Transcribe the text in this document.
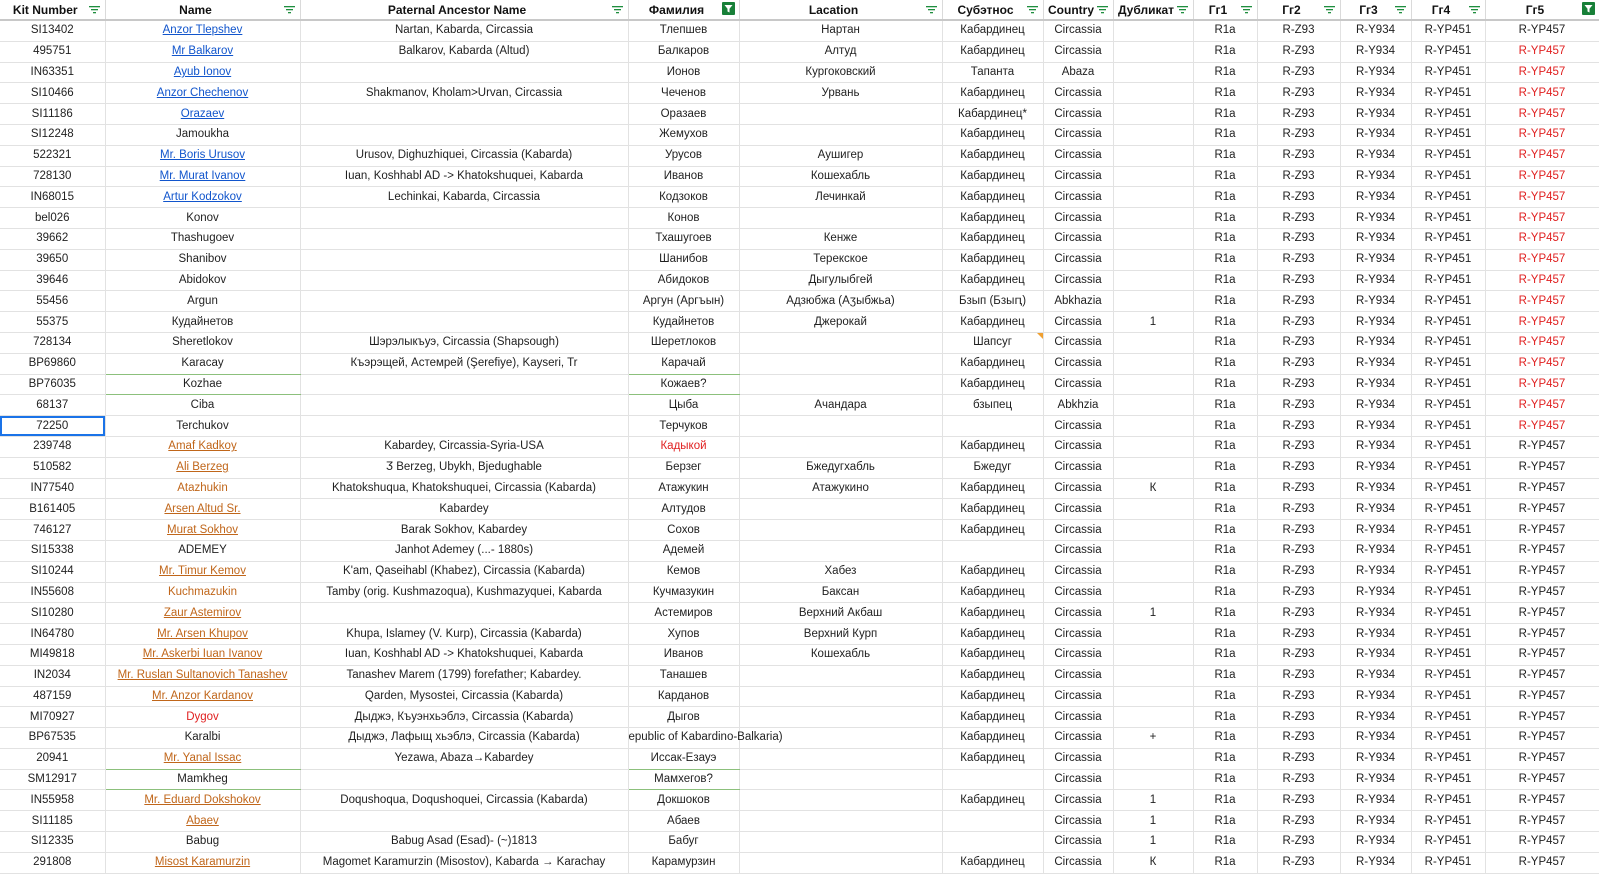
Kit Number	Name	Paternal Ancestor Name	Фамилия	Lacation	Субэтнос	Country	Дубликат	Гг1	Гг2	Гг3	Гг4	Гг5

SI13402	Anzor Tlepshev	Nartan, Kabarda, Circassia	Тлепшев	Нартан	Кабардинец	Circassia		R1a	R-Z93	R-Y934	R-YP451	R-YP457
495751	Mr Balkarov	Balkarov, Kabarda (Altud)	Балкаров	Алтуд	Кабардинец	Circassia		R1a	R-Z93	R-Y934	R-YP451	R-YP457
IN63351	Ayub Ionov		Ионов	Кургоковский	Тапанта	Abaza		R1a	R-Z93	R-Y934	R-YP451	R-YP457
SI10466	Anzor Chechenov	Shakmanov, Kholam>Urvan, Circassia	Чеченов	Урвань	Кабардинец	Circassia		R1a	R-Z93	R-Y934	R-YP451	R-YP457
SI11186	Orazaev		Оразаев		Кабардинец*	Circassia		R1a	R-Z93	R-Y934	R-YP451	R-YP457
SI12248	Jamoukha		Жемухов		Кабардинец	Circassia		R1a	R-Z93	R-Y934	R-YP451	R-YP457
522321	Mr. Boris Urusov	Urusov, Dighuzhiquei, Circassia (Kabarda)	Урусов	Аушигер	Кабардинец	Circassia		R1a	R-Z93	R-Y934	R-YP451	R-YP457
728130	Mr. Murat Ivanov	Iuan, Koshhabl AD -> Khatokshuquei, Kabarda	Иванов	Кошехабль	Кабардинец	Circassia		R1a	R-Z93	R-Y934	R-YP451	R-YP457
IN68015	Artur Kodzokov	Lechinkai, Kabarda, Circassia	Кодзоков	Лечинкай	Кабардинец	Circassia		R1a	R-Z93	R-Y934	R-YP451	R-YP457
bel026	Konov		Конов		Кабардинец	Circassia		R1a	R-Z93	R-Y934	R-YP451	R-YP457
39662	Thashugoev		Тхашугоев	Кенже	Кабардинец	Circassia		R1a	R-Z93	R-Y934	R-YP451	R-YP457
39650	Shanibov		Шанибов	Терекское	Кабардинец	Circassia		R1a	R-Z93	R-Y934	R-YP451	R-YP457
39646	Abidokov		Абидоков	Дыгулыбгей	Кабардинец	Circassia		R1a	R-Z93	R-Y934	R-YP451	R-YP457
55456	Argun		Аргун (Аргъын)	Адзюбжа (Аӡыбжьа)	Бзып (Бзыԥ)	Abkhazia		R1a	R-Z93	R-Y934	R-YP451	R-YP457
55375	Кудайнетов		Кудайнетов	Джерокай	Кабардинец	Circassia	1	R1a	R-Z93	R-Y934	R-YP451	R-YP457
728134	Sheretlokov	Шэрэлыкъуэ, Circassia (Shapsough)	Шеретлоков		Шапсуг	Circassia		R1a	R-Z93	R-Y934	R-YP451	R-YP457
BP69860	Karacay	Къэрэщей, Астемрей (Şerefiye), Kayseri, Tr	Карачай		Кабардинец	Circassia		R1a	R-Z93	R-Y934	R-YP451	R-YP457
BP76035	Kozhae		Кожаев?		Кабардинец	Circassia		R1a	R-Z93	R-Y934	R-YP451	R-YP457
68137	Ciba		Цыба	Ачандара	бзыпец	Abkhzia		R1a	R-Z93	R-Y934	R-YP451	R-YP457
72250	Terchukov		Терчуков			Circassia		R1a	R-Z93	R-Y934	R-YP451	R-YP457
239748	Amaf Kadkoy	Kabardey, Circassia-Syria-USA	Кадыкой		Кабардинец	Circassia		R1a	R-Z93	R-Y934	R-YP451	R-YP457
510582	Ali Berzeg	Ӡ Berzeg, Ubykh, Bjedughable	Берзег	Бжедугхабль	Бжедуг	Circassia		R1a	R-Z93	R-Y934	R-YP451	R-YP457
IN77540	Atazhukin	Khatokshuqua, Khatokshuquei, Circassia (Kabarda)	Атажукин	Атажукино	Кабардинец	Circassia	К	R1a	R-Z93	R-Y934	R-YP451	R-YP457
B161405	Arsen Altud Sr.	Kabardey	Алтудов		Кабардинец	Circassia		R1a	R-Z93	R-Y934	R-YP451	R-YP457
746127	Murat Sokhov	Barak Sokhov, Kabardey	Сохов		Кабардинец	Circassia		R1a	R-Z93	R-Y934	R-YP451	R-YP457
SI15338	ADEMEY	Janhot Ademey (...- 1880s)	Адемей			Circassia		R1a	R-Z93	R-Y934	R-YP451	R-YP457
SI10244	Mr. Timur Kemov	K'am, Qaseihabl (Khabez), Circassia (Kabarda)	Кемов	Хабез	Кабардинец	Circassia		R1a	R-Z93	R-Y934	R-YP451	R-YP457
IN55608	Kuchmazukin	Tamby (orig. Kushmazoqua), Kushmazyquei, Kabarda	Кучмазукин	Баксан	Кабардинец	Circassia		R1a	R-Z93	R-Y934	R-YP451	R-YP457
SI10280	Zaur Astemirov		Астемиров	Верхний Акбаш	Кабардинец	Circassia	1	R1a	R-Z93	R-Y934	R-YP451	R-YP457
IN64780	Mr. Arsen Khupov	Khupa, Islamey (V. Kurp), Circassia (Kabarda)	Хупов	Верхний Курп	Кабардинец	Circassia		R1a	R-Z93	R-Y934	R-YP451	R-YP457
MI49818	Mr. Askerbi Iuan Ivanov	Iuan, Koshhabl AD -> Khatokshuquei, Kabarda	Иванов	Кошехабль	Кабардинец	Circassia		R1a	R-Z93	R-Y934	R-YP451	R-YP457
IN2034	Mr. Ruslan Sultanovich Tanashev	Tanashev Marem (1799) forefather; Kabardey.	Танашев		Кабардинец	Circassia		R1a	R-Z93	R-Y934	R-YP451	R-YP457
487159	Mr. Anzor Kardanov	Qarden, Mysostei, Circassia (Kabarda)	Карданов		Кабардинец	Circassia		R1a	R-Z93	R-Y934	R-YP451	R-YP457
MI70927	Dygov	Дыджэ, Къуэнхьэблэ, Circassia (Kabarda)	Дыгов		Кабардинец	Circassia		R1a	R-Z93	R-Y934	R-YP451	R-YP457
BP67535	Karalbi	Дыджэ, Лафыщ хьэблэ, Circassia (Kabarda)	epublic of Kabardino-Balkaria)		Кабардинец	Circassia	+	R1a	R-Z93	R-Y934	R-YP451	R-YP457
20941	Mr. Yanal Issac	Yezawa, Abaza→Kabardey	Иссак-Езауэ		Кабардинец	Circassia		R1a	R-Z93	R-Y934	R-YP451	R-YP457
SM12917	Mamkheg		Мамхегов?			Circassia		R1a	R-Z93	R-Y934	R-YP451	R-YP457
IN55958	Mr. Eduard Dokshokov	Doqushoqua, Doqushoquei, Circassia (Kabarda)	Докшоков		Кабардинец	Circassia	1	R1a	R-Z93	R-Y934	R-YP451	R-YP457
SI11185	Abaev		Абаев			Circassia	1	R1a	R-Z93	R-Y934	R-YP451	R-YP457
SI12335	Babug	Babug Asad (Esad)- (~)1813	Бабуг			Circassia	1	R1a	R-Z93	R-Y934	R-YP451	R-YP457
291808	Misost Karamurzin	Magomet Karamurzin (Misostov), Kabarda → Karachay	Карамурзин		Кабардинец	Circassia	К	R1a	R-Z93	R-Y934	R-YP451	R-YP457
